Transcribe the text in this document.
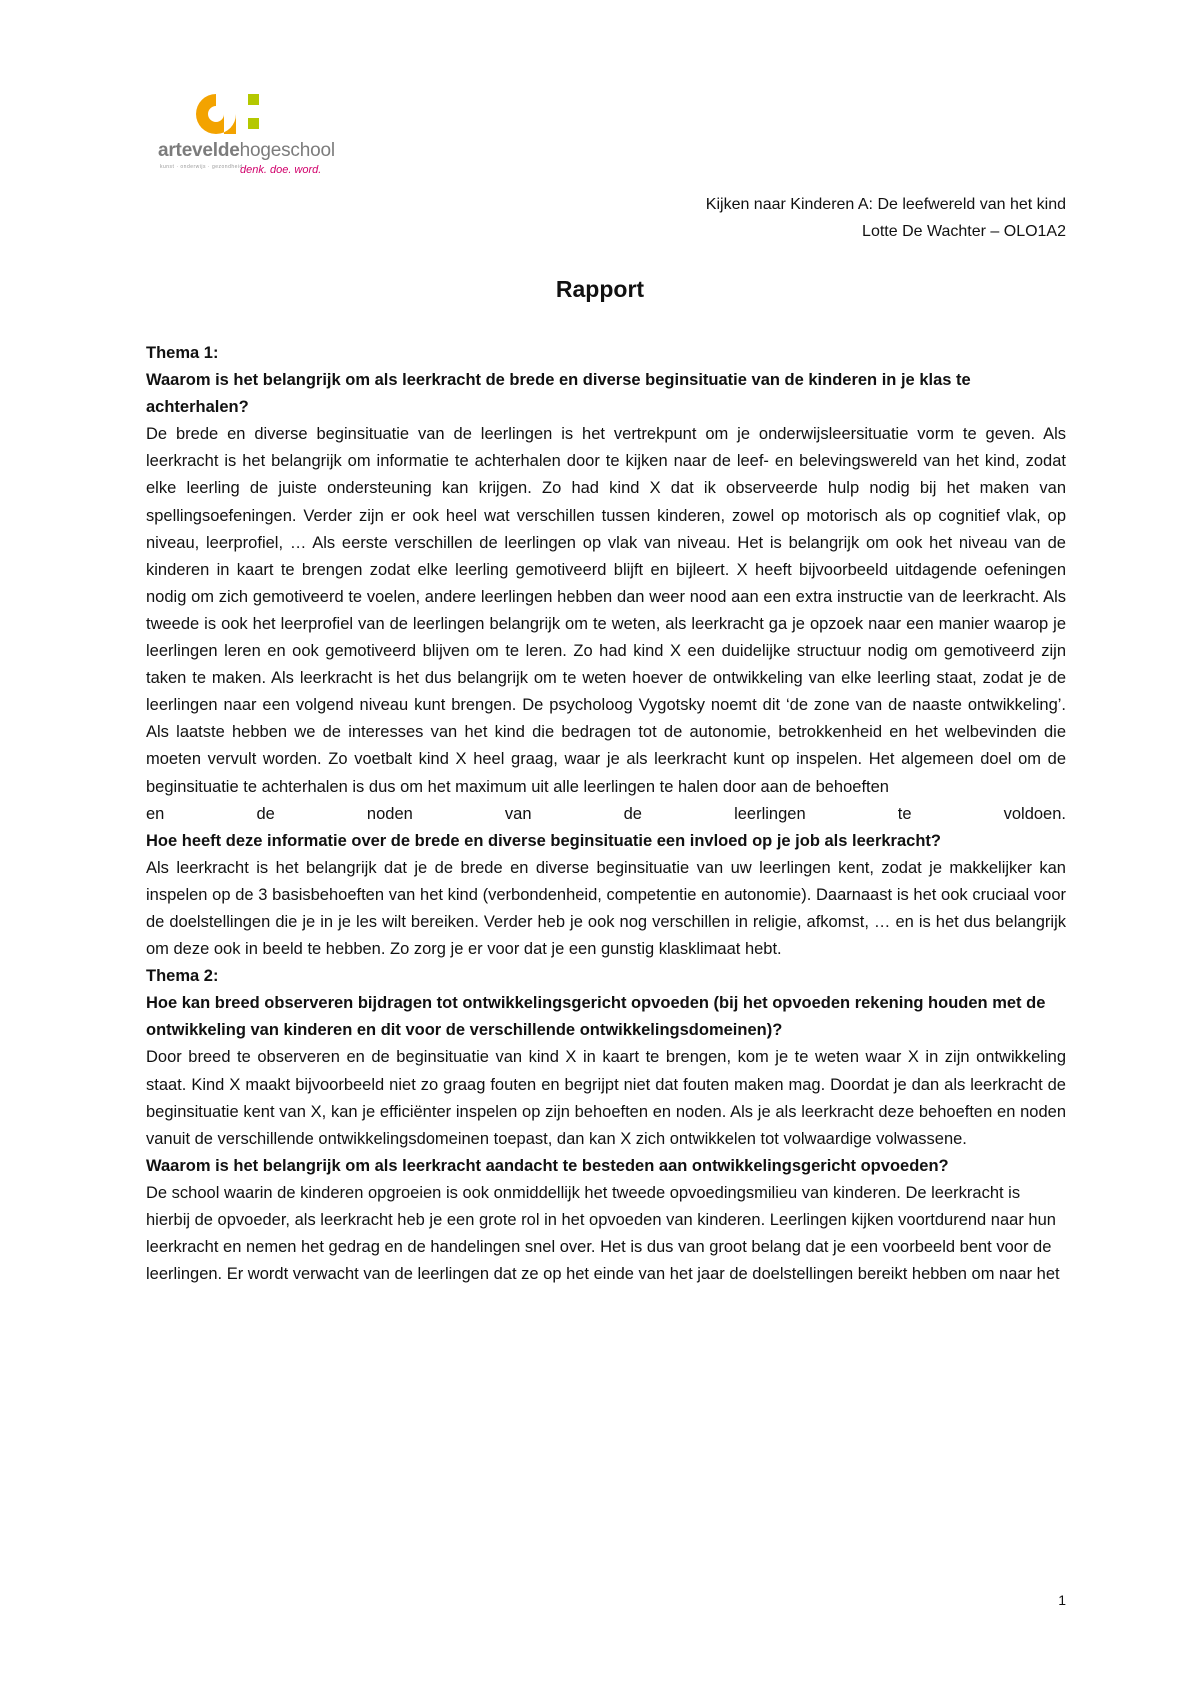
arteveldehogeschool
kunst · onderwijs · gezondheid
denk. doe. word.
Kijken naar Kinderen A: De leefwereld van het kind
Lotte De Wachter – OLO1A2
Rapport

Thema 1:

Waarom is het belangrijk om als leerkracht de brede en diverse beginsituatie van de kinderen in je klas te achterhalen?

De brede en diverse beginsituatie van de leerlingen is het vertrekpunt om je onderwijsleersituatie vorm te geven. Als leerkracht is het belangrijk om informatie te achterhalen door te kijken naar de leef- en belevingswereld van het kind, zodat elke leerling de juiste ondersteuning kan krijgen. Zo had kind X dat ik observeerde hulp nodig bij het maken van spellingsoefeningen. Verder zijn er ook heel wat verschillen tussen kinderen, zowel op motorisch als op cognitief vlak, op niveau, leerprofiel, … Als eerste verschillen de leerlingen op vlak van niveau. Het is belangrijk om ook het niveau van de kinderen in kaart te brengen zodat elke leerling gemotiveerd blijft en bijleert. X heeft bijvoorbeeld uitdagende oefeningen nodig om zich gemotiveerd te voelen, andere leerlingen hebben dan weer nood aan een extra instructie van de leerkracht. Als tweede is ook het leerprofiel van de leerlingen belangrijk om te weten, als leerkracht ga je opzoek naar een manier waarop je leerlingen leren en ook gemotiveerd blijven om te leren. Zo had kind X een duidelijke structuur nodig om gemotiveerd zijn taken te maken. Als leerkracht is het dus belangrijk om te weten hoever de ontwikkeling van elke leerling staat, zodat je de leerlingen naar een volgend niveau kunt brengen. De psycholoog Vygotsky noemt dit ‘de zone van de naaste ontwikkeling’. Als laatste hebben we de interesses van het kind die bedragen tot de autonomie, betrokkenheid en het welbevinden die moeten vervult worden. Zo voetbalt kind X heel graag, waar je als leerkracht kunt op inspelen. Het algemeen doel om de beginsituatie te achterhalen is dus om het maximum uit alle leerlingen te halen door aan de behoeften

en de noden van de leerlingen te voldoen.

Hoe heeft deze informatie over de brede en diverse beginsituatie een invloed op je job als leerkracht?

Als leerkracht is het belangrijk dat je de brede en diverse beginsituatie van uw leerlingen kent, zodat je makkelijker kan inspelen op de 3 basisbehoeften van het kind (verbondenheid, competentie en autonomie). Daarnaast is het ook cruciaal voor de doelstellingen die je in je les wilt bereiken. Verder heb je ook nog verschillen in religie, afkomst, … en is het dus belangrijk om deze ook in beeld te hebben. Zo zorg je er voor dat je een gunstig klasklimaat hebt.

Thema 2:

Hoe kan breed observeren bijdragen tot ontwikkelingsgericht opvoeden (bij het opvoeden rekening houden met de ontwikkeling van kinderen en dit voor de verschillende ontwikkelingsdomeinen)?

Door breed te observeren en de beginsituatie van kind X in kaart te brengen, kom je te weten waar X in zijn ontwikkeling staat. Kind X maakt bijvoorbeeld niet zo graag fouten en begrijpt niet dat fouten maken mag. Doordat je dan als leerkracht de beginsituatie kent van X, kan je efficiënter inspelen op zijn behoeften en noden. Als je als leerkracht deze behoeften en noden vanuit de verschillende ontwikkelingsdomeinen toepast, dan kan X zich ontwikkelen tot volwaardige volwassene.

Waarom is het belangrijk om als leerkracht aandacht te besteden aan ontwikkelingsgericht opvoeden?

De school waarin de kinderen opgroeien is ook onmiddellijk het tweede opvoedingsmilieu van kinderen. De leerkracht is hierbij de opvoeder, als leerkracht heb je een grote rol in het opvoeden van kinderen. Leerlingen kijken voortdurend naar hun leerkracht en nemen het gedrag en de handelingen snel over. Het is dus van groot belang dat je een voorbeeld bent voor de leerlingen. Er wordt verwacht van de leerlingen dat ze op het einde van het jaar de doelstellingen bereikt hebben om naar het

1
